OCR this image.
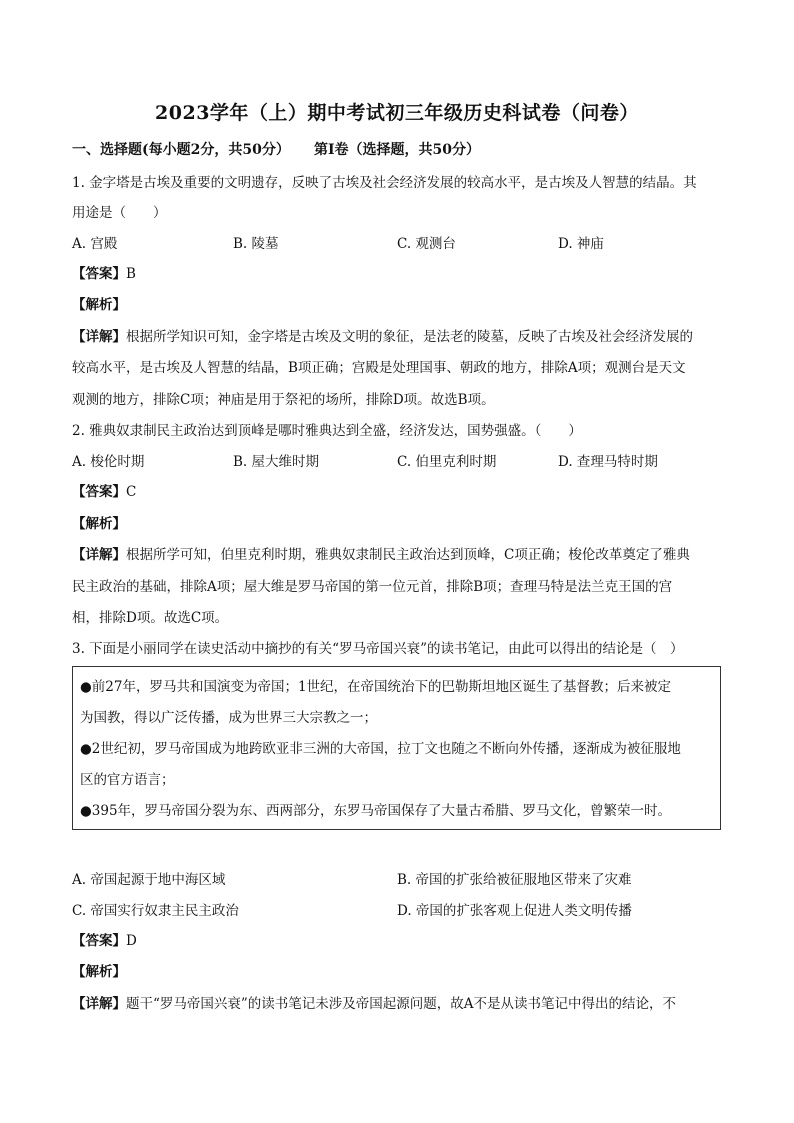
2023学年（上）期中考试初三年级历史科试卷（问卷）
第I卷（选择题，共50分）
一、选择题(每小题2分，共50分）
1. 金字塔是古埃及重要的文明遗存，反映了古埃及社会经济发展的较高水平，是古埃及人智慧的结晶。其
用途是（　　）
A. 宫殿	B. 陵墓	C. 观测台	D. 神庙
【答案】B
【解析】
【详解】根据所学知识可知，金字塔是古埃及文明的象征，是法老的陵墓，反映了古埃及社会经济发展的
较高水平，是古埃及人智慧的结晶，B项正确；宫殿是处理国事、朝政的地方，排除A项；观测台是天文
观测的地方，排除C项；神庙是用于祭祀的场所，排除D项。故选B项。
2. 雅典奴隶制民主政治达到顶峰是哪时雅典达到全盛，经济发达，国势强盛。（　　）
A. 梭伦时期	B. 屋大维时期	C. 伯里克利时期	D. 查理马特时期
【答案】C
【解析】
【详解】根据所学可知，伯里克利时期，雅典奴隶制民主政治达到顶峰，C项正确；梭伦改革奠定了雅典
民主政治的基础，排除A项；屋大维是罗马帝国的第一位元首，排除B项；查理马特是法兰克王国的宫
相，排除D项。故选C项。
3. 下面是小丽同学在读史活动中摘抄的有关“罗马帝国兴衰”的读书笔记，由此可以得出的结论是（　）
●前27年，罗马共和国演变为帝国；1世纪，在帝国统治下的巴勒斯坦地区诞生了基督教；后来被定
为国教，得以广泛传播，成为世界三大宗教之一；
●2世纪初，罗马帝国成为地跨欧亚非三洲的大帝国，拉丁文也随之不断向外传播，逐渐成为被征服地
区的官方语言；
●395年，罗马帝国分裂为东、西两部分，东罗马帝国保存了大量古希腊、罗马文化，曾繁荣一时。
A. 帝国起源于地中海区域	B. 帝国的扩张给被征服地区带来了灾难
C. 帝国实行奴隶主民主政治	D. 帝国的扩张客观上促进人类文明传播
【答案】D
【解析】
【详解】题干“罗马帝国兴衰”的读书笔记未涉及帝国起源问题，故A不是从读书笔记中得出的结论，不
